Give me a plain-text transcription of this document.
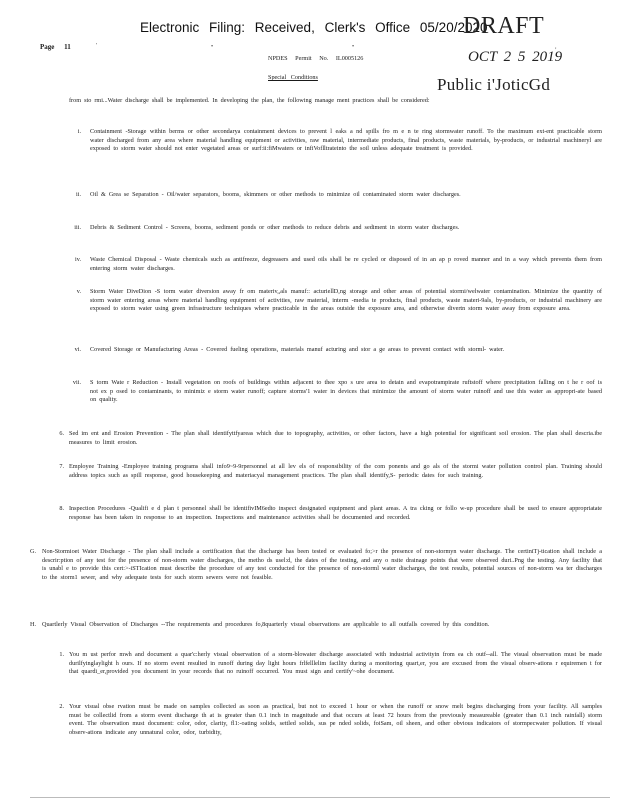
Electronic Filing: Received, Clerk's Office 05/20/2020
DRAFT
Page 11	'	•	•	,
NPDES Permit No. IL0005126	OCT 2 5 2019
Special Conditions	Public i'JoticGd
from sto rmi...Water discharge shall be implemented. In developing the plan, the following manage ment practices shall be considered:
i. Containment -Storage within berms or other secondarya containment devices to prevent l eaks a nd spills fro m e n te ring stormwater runoff. To the maximum ext-ent practicable storm water discharged from any area where material handling equipment or activities, raw material, intermediate products, final products, waste materials, by-products, or industrial machineryl are exposed to storm water should not enter vegetated areas or surf:ii:fiMwaters or infiVoflltrateinto the soil unless adequate treatment is provided.
ii. Oil & Grea se Separation - Oil/water separators, booms, skimmers or other methods to minimize oil contaminated storm water discharges.
iii. Debris & Sediment Control - Screens, booms, sediment ponds or other methods to reduce debris and sediment in storm water discharges.
iv. Waste Chemical Disposal - Waste chemicals such as antifreeze, degreasers and used oils shall be re cycled or disposed of in an ap p roved manner and in a way which prevents them from entering storm water discharges.
v. Storm Water DiveDion -S torm water diversion away fr om materiv,,als manuf:: acturiellD,ng storage and other areas of potential stormi/welwater contamination. Minimize the quantity of storm water entering areas where material handling equipment of activities, raw material, interm -media te products, final products, waste materi-9als, by-products, or industrial machinery are exposed to storm water using green infrastructure techniques where practicable in the areas outside the exposure area, and otherwise divertn storm water away from exposure area.
vi. Covered Storage or Manufacturing Areas - Covered fueling operations, materials manuf acturing and stor a ge areas to prevent contact with storml- water.
vii. S torm Wate r Reduction - Install vegetation on roofs of buildings within adjacent to thee xpo s ure area to detain and evapotrampirate ruftstoff where precipitation falling on t he r oof is not ex p osed to contaminants, to minimiz e storm water runoff; capture storms'1 water in devices that minimize the amount of storm water ruinoff and use this water as appropri-ate based on quality.
6. Sed im ent and Erosion Prevention - The plan shall identifyttfyareas which due to topography, activities, or other factors, have a high potential for significant soil erosion. The plan shall descria.ibe measures to limit erosion.
7. Employee Training -Employee training programs shall info9~9-9rpersonnel at all lev els of responsibility of the com ponents and go als of the stormi water pollution control plan. Training should address topics such as spill response, good housekeeping and materiacyal management practices. The plan shall identify,S- periodic dates for such training.
8. Inspection Procedures -Qualifi e d plan t personnel shall be identifivIM6edto inspect designated equipment and plant areas. A tra cking or follo w-up procedure shall be used to ensure appropriatate response has been taken in response to an inspection. Inspections and maintenance activities shall be documented and recorded.
G. Non-Stormioet Water Discharge - The plan shall include a certification that the discharge has been tested or evaluated fo;>r the presence of non-stormyn water discharge. The certiniTj-tication shall include a descrir:ption of any test for the presence of non-storm water discharges, the metho ds usel:d, the dates of the testing, and any o nsite drainage points that were observed duri..Png the testing. Any facility that is unabl e to provide this cert:>-iSTIcation must describe the procedure of any test conducted for the presence of non-storml water discharges, the test results, potential sources of non-storm wa ter discharges to the storm1 sewer, and why adequate tests for such storm sewers were not feasible.
H. Quartlerly Visual Observation of Discharges --The requirements and procedures fo,8quarterly visual observations are applicable to all outfalls covered by this condition.
1. You m ust perfor mwh and document a quar'c:herly visual observation of a storm-blowater discharge associated with industrial activityin from ea ch outf--all. The visual observation must be made durilfyinglaylight h ours. If no storm event resulted in runoff during day light hours frlfelllelim facility during a monitoring quart,er, you are excused from the visual observ-ations r equiremen t for that quardi_er,provided you document in your records that no ruinoff occurred. You must sign and certify'~ohe document.
2. Your visual obse rvation must be made on samples collected as soon as practical, but not to exceed 1 hour or when the runoff or snow melt begins discharging from your facility. All samples must be collectlid from a storm event discharge th at is greater than 0.1 inch in magnitude and that occurs at least 72 hours from the previously measureable (greater than 0.1 inch rainfall) storm event. The observation must document: color, odor, clarity, fl1:-oating solids, settled solids, sus pe nded solids, foiSam, oil sheen, and other obvious indicators of stormpecwater pollution. If visual observ-ations indicate any unnatural color, odor, turbidity,
